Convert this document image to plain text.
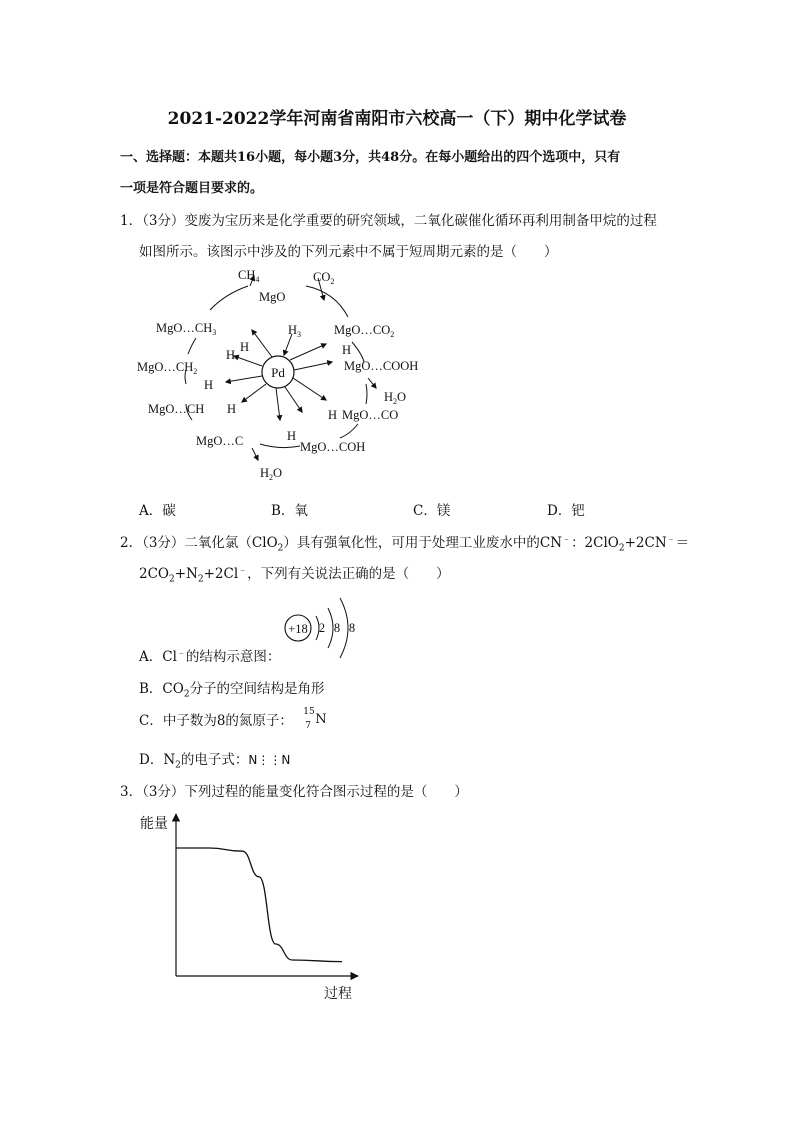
2021-2022学年河南省南阳市六校高一（下）期中化学试卷
一、选择题：本题共16小题，每小题3分，共48分。在每小题给出的四个选项中，只有
一项是符合题目要求的。
1．（3分）变废为宝历来是化学重要的研究领域，二氧化碳催化循环再利用制备甲烷的过程
如图所示。该图示中涉及的下列元素中不属于短周期元素的是（　　）
Pd
$CH_4$	$CO_2$
MgO
$MgO\dots CH_3$
H
$H_3$	$MgO\dots CO_2$
H	H
$MgO\dots CH_2$	MgO…COOH
H
$H_2O$
MgO…CH H	H MgO…CO
H
MgO…C	MgO…COH
$H_2O$
A．碳	B．氧	C．镁	D．钯
2．（3分）二氧化氯（ClO$_2$）具有强氧化性，可用于处理工业废水中的CN﹣：2ClO$_2$+2CN﹣＝
$2CO_2+N_2+2Cl^﹣$，下列有关说法正确的是（　　）
+18 2 8 8
A．Cl﹣的结构示意图：
B．$CO_2$分子的空间结构是角形
C．中子数为8的氮原子：
15
7 N
D．$N_2$的电子式：N⋮⋮N
3．（3分）下列过程的能量变化符合图示过程的是（　　）
能量
过程
